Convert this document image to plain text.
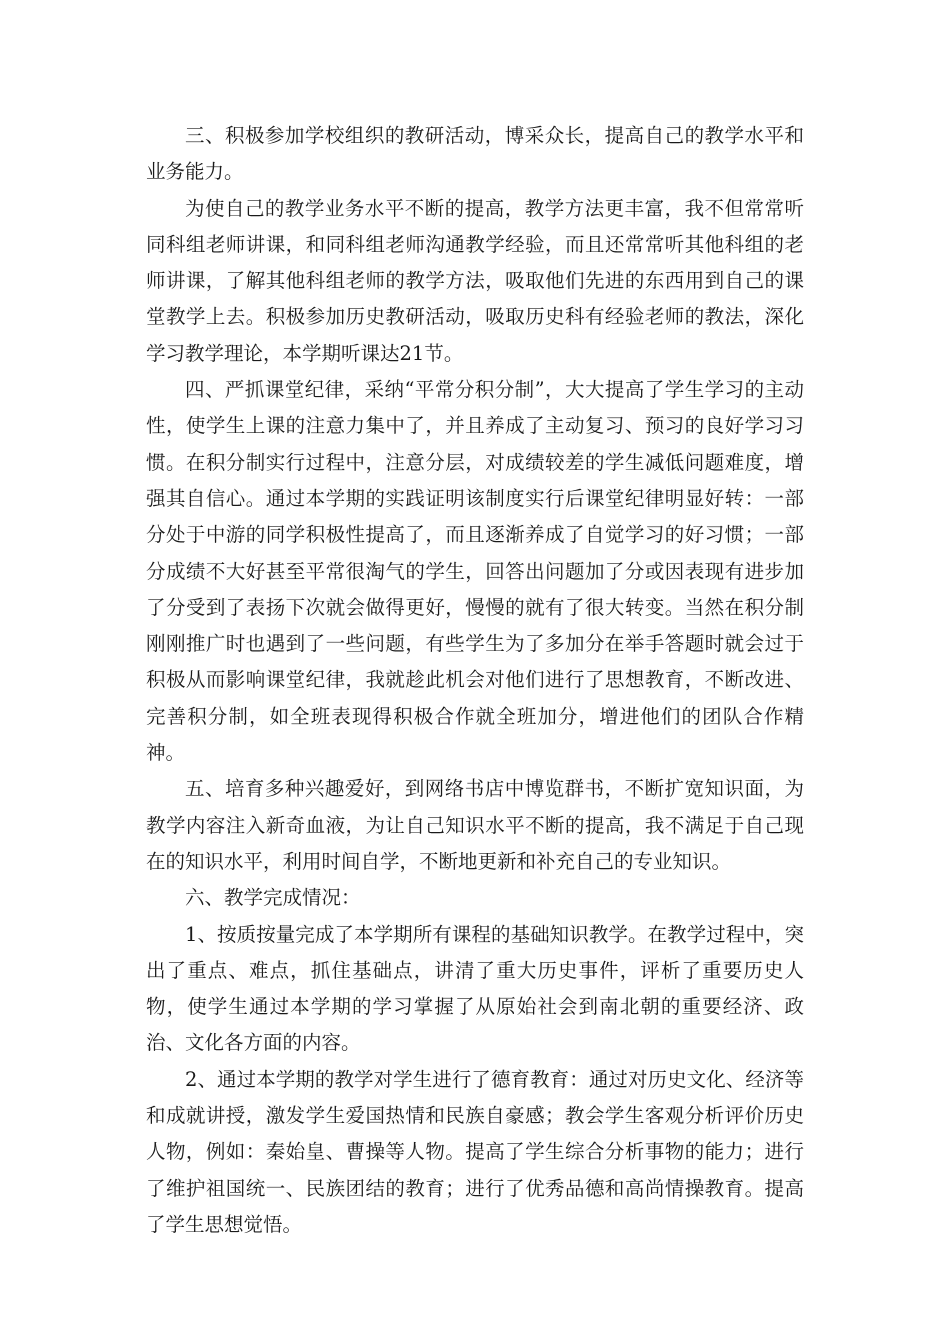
三、积极参加学校组织的教研活动，博采众长，提高自己的教学水平和业务能力。

为使自己的教学业务水平不断的提高，教学方法更丰富，我不但常常听同科组老师讲课，和同科组老师沟通教学经验，而且还常常听其他科组的老师讲课，了解其他科组老师的教学方法，吸取他们先进的东西用到自己的课堂教学上去。积极参加历史教研活动，吸取历史科有经验老师的教法，深化学习教学理论，本学期听课达21节。

四、严抓课堂纪律，采纳“平常分积分制”，大大提高了学生学习的主动性，使学生上课的注意力集中了，并且养成了主动复习、预习的良好学习习惯。在积分制实行过程中，注意分层，对成绩较差的学生减低问题难度，增强其自信心。通过本学期的实践证明该制度实行后课堂纪律明显好转：一部分处于中游的同学积极性提高了，而且逐渐养成了自觉学习的好习惯；一部分成绩不大好甚至平常很淘气的学生，回答出问题加了分或因表现有进步加了分受到了表扬下次就会做得更好，慢慢的就有了很大转变。当然在积分制刚刚推广时也遇到了一些问题，有些学生为了多加分在举手答题时就会过于积极从而影响课堂纪律，我就趁此机会对他们进行了思想教育，不断改进、完善积分制，如全班表现得积极合作就全班加分，增进他们的团队合作精神。

五、培育多种兴趣爱好，到网络书店中博览群书，不断扩宽知识面，为教学内容注入新奇血液，为让自己知识水平不断的提高，我不满足于自己现在的知识水平，利用时间自学，不断地更新和补充自己的专业知识。

六、教学完成情况：

1、按质按量完成了本学期所有课程的基础知识教学。在教学过程中，突出了重点、难点，抓住基础点，讲清了重大历史事件，评析了重要历史人物，使学生通过本学期的学习掌握了从原始社会到南北朝的重要经济、政治、文化各方面的内容。

2、通过本学期的教学对学生进行了德育教育：通过对历史文化、经济等和成就讲授，激发学生爱国热情和民族自豪感；教会学生客观分析评价历史人物，例如：秦始皇、曹操等人物。提高了学生综合分析事物的能力；进行了维护祖国统一、民族团结的教育；进行了优秀品德和高尚情操教育。提高了学生思想觉悟。
